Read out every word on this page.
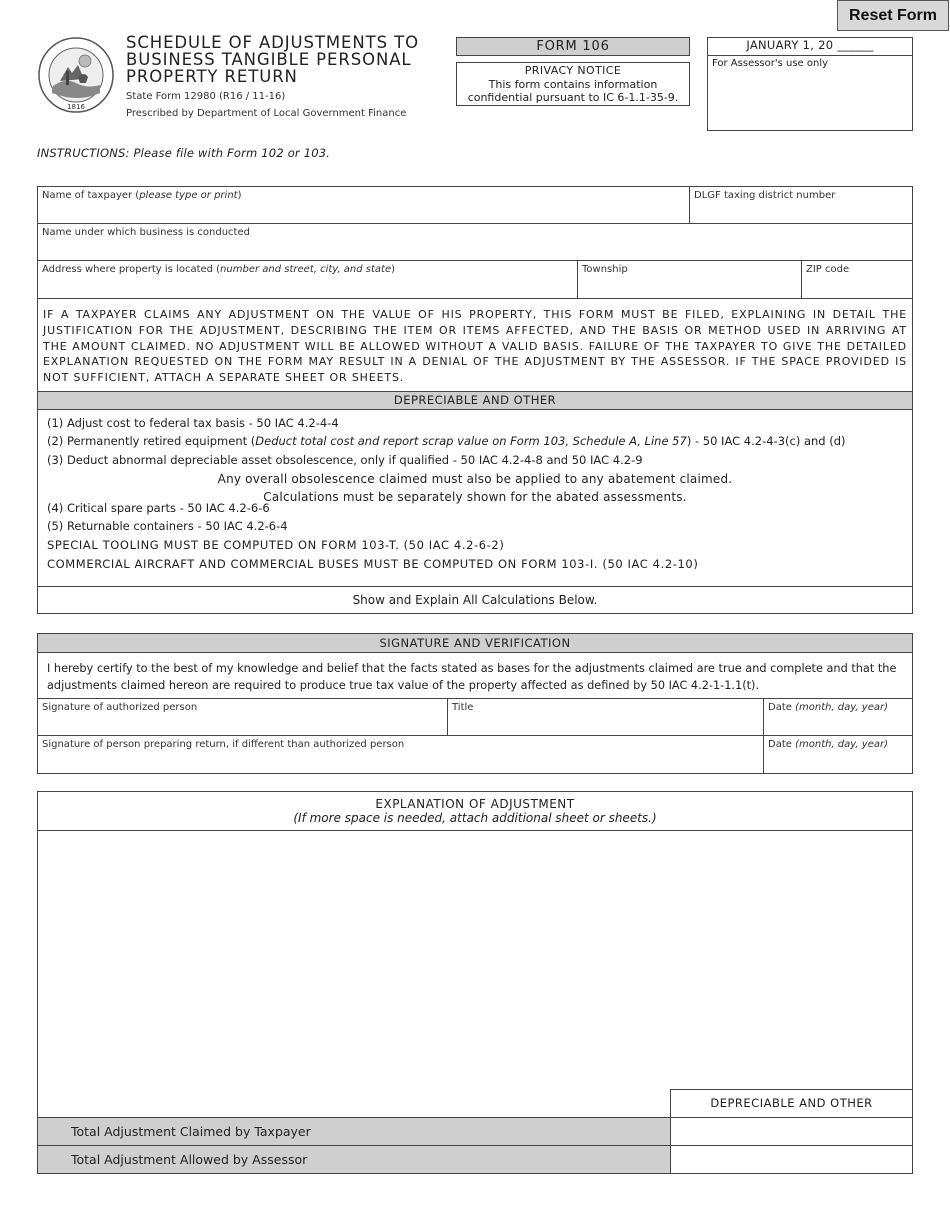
Reset Form
1816
SCHEDULE OF ADJUSTMENTS TO
BUSINESS TANGIBLE PERSONAL
PROPERTY RETURN
State Form 12980 (R16 / 11-16)
Prescribed by Department of Local Government Finance
FORM 106
PRIVACY NOTICE
This form contains information
confidential pursuant to IC 6-1.1-35-9.
JANUARY 1, 20 ______
For Assessor's use only
INSTRUCTIONS: Please file with Form 102 or 103.
Name of taxpayer (please type or print)	DLGF taxing district number
Name under which business is conducted
Address where property is located (number and street, city, and state)	Township	ZIP code
IF A TAXPAYER CLAIMS ANY ADJUSTMENT ON THE VALUE OF HIS PROPERTY, THIS FORM MUST BE FILED, EXPLAINING IN DETAIL THE JUSTIFICATION FOR THE ADJUSTMENT, DESCRIBING THE ITEM OR ITEMS AFFECTED, AND THE BASIS OR METHOD USED IN ARRIVING AT THE AMOUNT CLAIMED. NO ADJUSTMENT WILL BE ALLOWED WITHOUT A VALID BASIS. FAILURE OF THE TAXPAYER TO GIVE THE DETAILED EXPLANATION REQUESTED ON THE FORM MAY RESULT IN A DENIAL OF THE ADJUSTMENT BY THE ASSESSOR. IF THE SPACE PROVIDED IS NOT SUFFICIENT, ATTACH A SEPARATE SHEET OR SHEETS.
DEPRECIABLE AND OTHER
(1) Adjust cost to federal tax basis - 50 IAC 4.2-4-4
(2) Permanently retired equipment (Deduct total cost and report scrap value on Form 103, Schedule A, Line 57) - 50 IAC 4.2-4-3(c) and (d)
(3) Deduct abnormal depreciable asset obsolescence, only if qualified - 50 IAC 4.2-4-8 and 50 IAC 4.2-9
Any overall obsolescence claimed must also be applied to any abatement claimed.
Calculations must be separately shown for the abated assessments.
(4) Critical spare parts - 50 IAC 4.2-6-6
(5) Returnable containers - 50 IAC 4.2-6-4
SPECIAL TOOLING MUST BE COMPUTED ON FORM 103-T. (50 IAC 4.2-6-2)
COMMERCIAL AIRCRAFT AND COMMERCIAL BUSES MUST BE COMPUTED ON FORM 103-I. (50 IAC 4.2-10)
Show and Explain All Calculations Below.
SIGNATURE AND VERIFICATION
I hereby certify to the best of my knowledge and belief that the facts stated as bases for the adjustments claimed are true and complete and that the
adjustments claimed hereon are required to produce true tax value of the property affected as defined by 50 IAC 4.2-1-1.1(t).
Signature of authorized person	Title	Date (month, day, year)
Signature of person preparing return, if different than authorized person	Date (month, day, year)
EXPLANATION OF ADJUSTMENT
(If more space is needed, attach additional sheet or sheets.)
DEPRECIABLE AND OTHER
Total Adjustment Claimed by Taxpayer
Total Adjustment Allowed by Assessor
